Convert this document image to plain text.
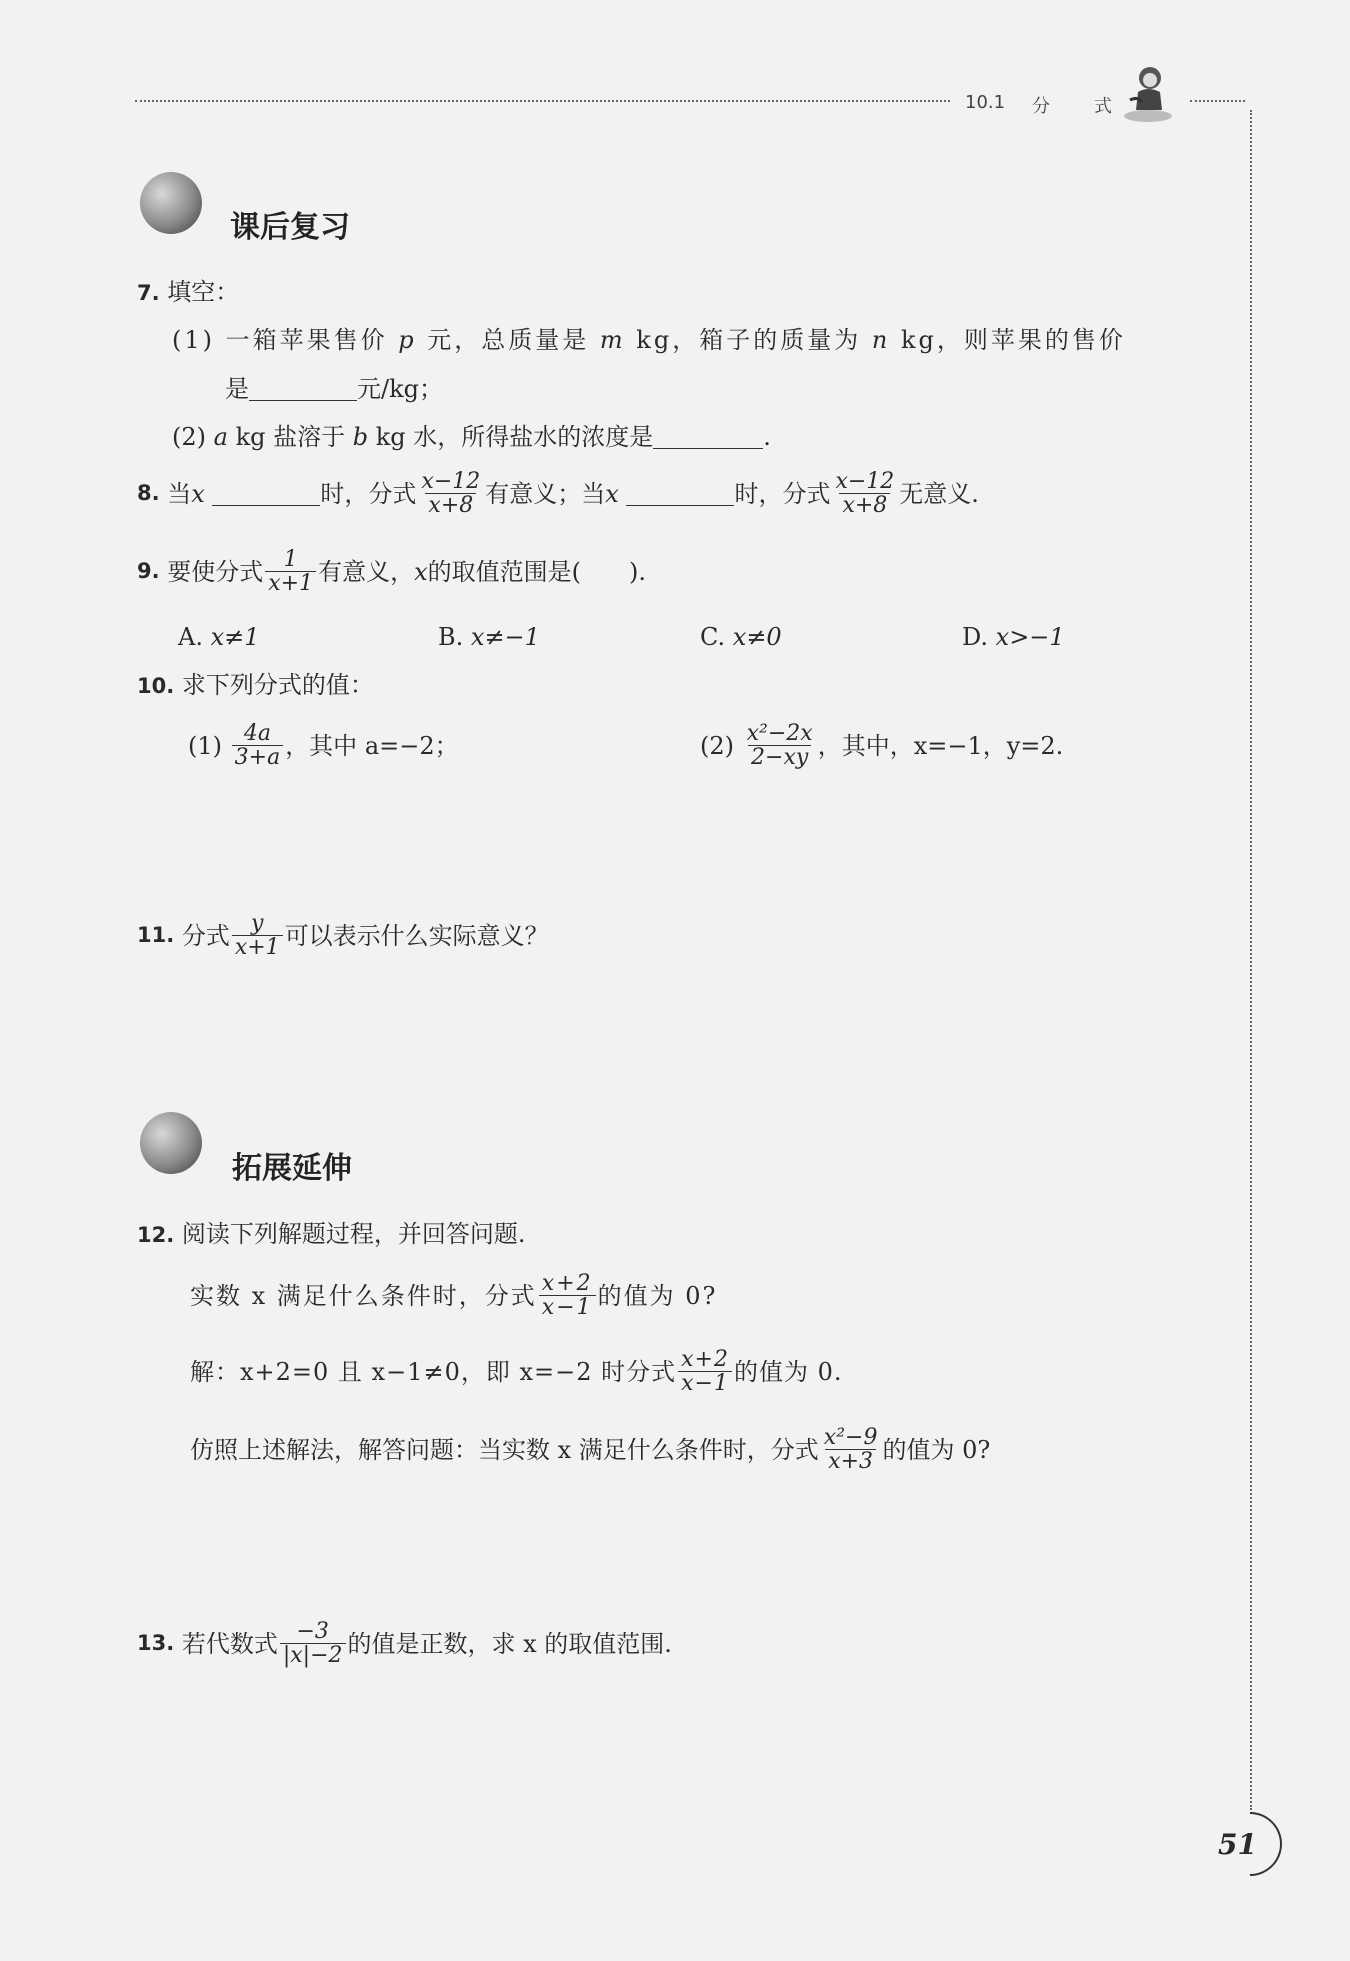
10.1 分 式
课后复习
7. 填空：
(1) 一箱苹果售价 p 元，总质量是 m kg，箱子的质量为 n kg，则苹果的售价
是	元/kg；
(2) a kg 盐溶于 b kg 水，所得盐水的浓度是	.
8.
当 x
	时，分式 $\frac{x-12}{x+8}$ 有意义；当 x
	时，分式 $\frac{x-12}{x+8}$ 无意义.
9.
要使分式 $\frac{1}{x+1}$ 有意义， x 的取值范围是(　　).
A. x≠1	B. x≠−1	C. x≠0	D. x>−1
10. 求下列分式的值：
(1)
$\frac{4a}{3+a}$ ，其中 a=−2；	(2)
$\frac{\text{x²−2x}}{2-xy}$ ，其中，x=−1，y=2.
11.
分式 $\frac{y}{x+1}$ 可以表示什么实际意义？
拓展延伸
12. 阅读下列解题过程，并回答问题.
实数 x 满足什么条件时，分式 $\frac{x+2}{x-1}$ 的值为 0?
解：x+2=0 且 x−1≠0，即 x=−2 时分式 $\frac{x+2}{x-1}$ 的值为 0.
仿照上述解法，解答问题：当实数 x 满足什么条件时，分式 $\frac{\text{x²−9}}{x+3}$ 的值为 0?
13.
若代数式 $\frac{-3}{|x|-2}$ 的值是正数，求 x 的取值范围.
51
